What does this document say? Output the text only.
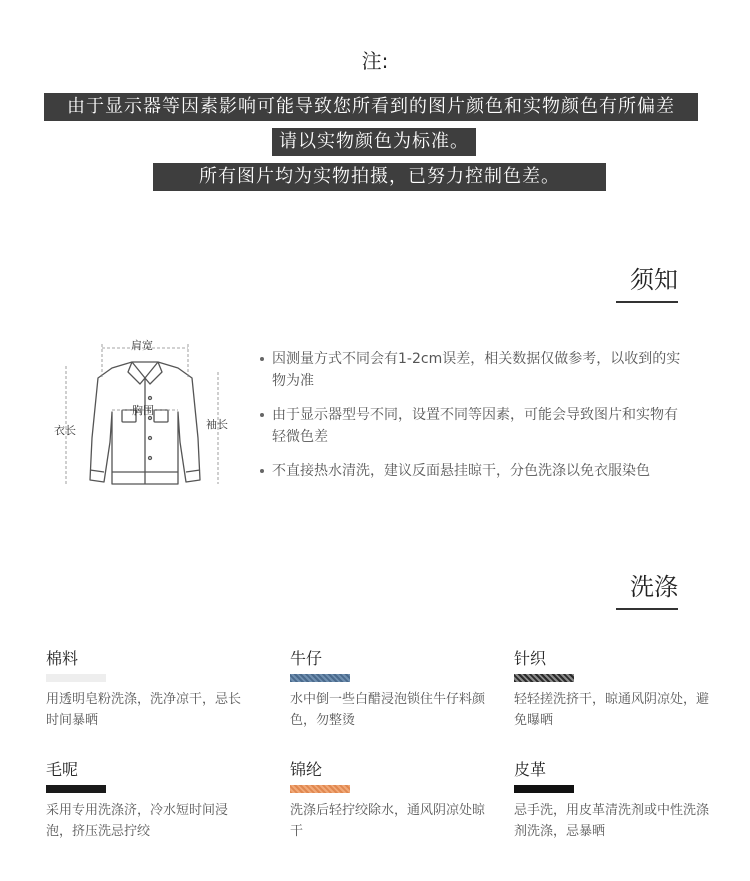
注:
由于显示器等因素影响可能导致您所看到的图片颜色和实物颜色有所偏差
请以实物颜色为标准。
所有图片均为实物拍摄，已努力控制色差。
须知
肩宽
胸围
衣长	袖长
因测量方式不同会有1-2cm误差，相关数据仅做参考，以收到的实物为准
由于显示器型号不同，设置不同等因素，可能会导致图片和实物有轻微色差
不直接热水清洗，建议反面悬挂晾干，分色洗涤以免衣服染色
洗涤
棉料
用透明皂粉洗涤，洗净凉干，忌长时间暴晒
牛仔
水中倒一些白醋浸泡锁住牛仔料颜色，勿整烫
针织
轻轻搓洗挤干，晾通风阴凉处，避免曝晒
毛呢
采用专用洗涤济，冷水短时间浸泡，挤压洗忌拧绞
锦纶
洗涤后轻拧绞除水，通风阴凉处晾干
皮革
忌手洗，用皮革清洗剂或中性洗涤剂洗涤，忌暴晒
